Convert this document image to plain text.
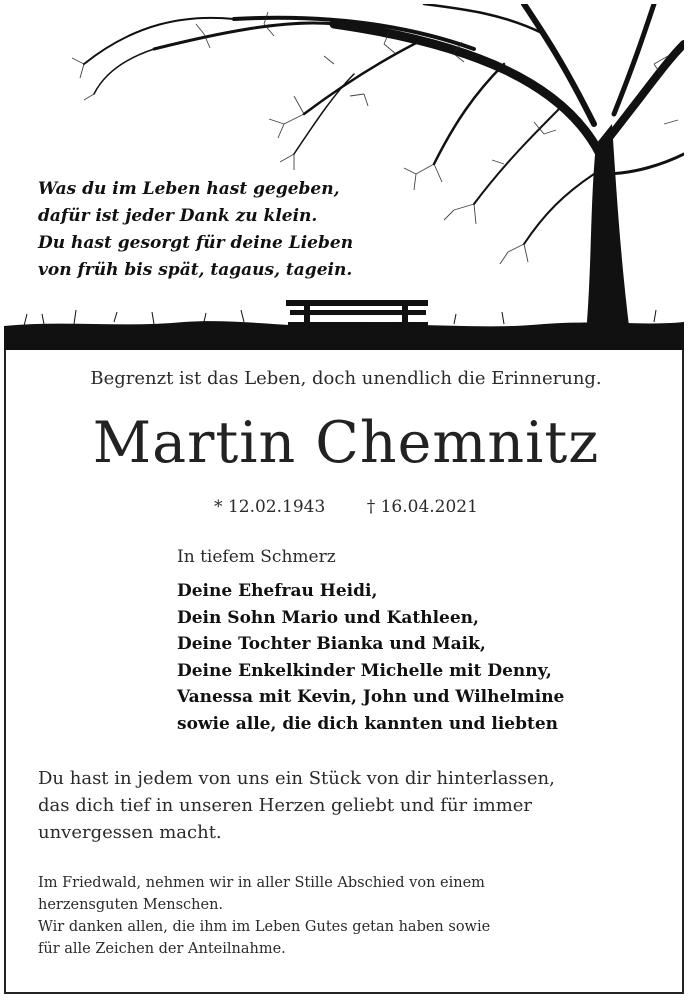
Was du im Leben hast gegeben,
dafür ist jeder Dank zu klein.
Du hast gesorgt für deine Lieben
von früh bis spät, tagaus, tagein.
Begrenzt ist das Leben, doch unendlich die Erinnerung.
Martin Chemnitz
* 12.02.1943 † 16.04.2021
In tiefem Schmerz
Deine Ehefrau Heidi,
Dein Sohn Mario und Kathleen,
Deine Tochter Bianka und Maik,
Deine Enkelkinder Michelle mit Denny,
Vanessa mit Kevin, John und Wilhelmine
sowie alle, die dich kannten und liebten
Du hast in jedem von uns ein Stück von dir hinterlassen,
das dich tief in unseren Herzen geliebt und für immer
unvergessen macht.
Im Friedwald, nehmen wir in aller Stille Abschied von einem
herzensguten Menschen.
Wir danken allen, die ihm im Leben Gutes getan haben sowie
für alle Zeichen der Anteilnahme.
